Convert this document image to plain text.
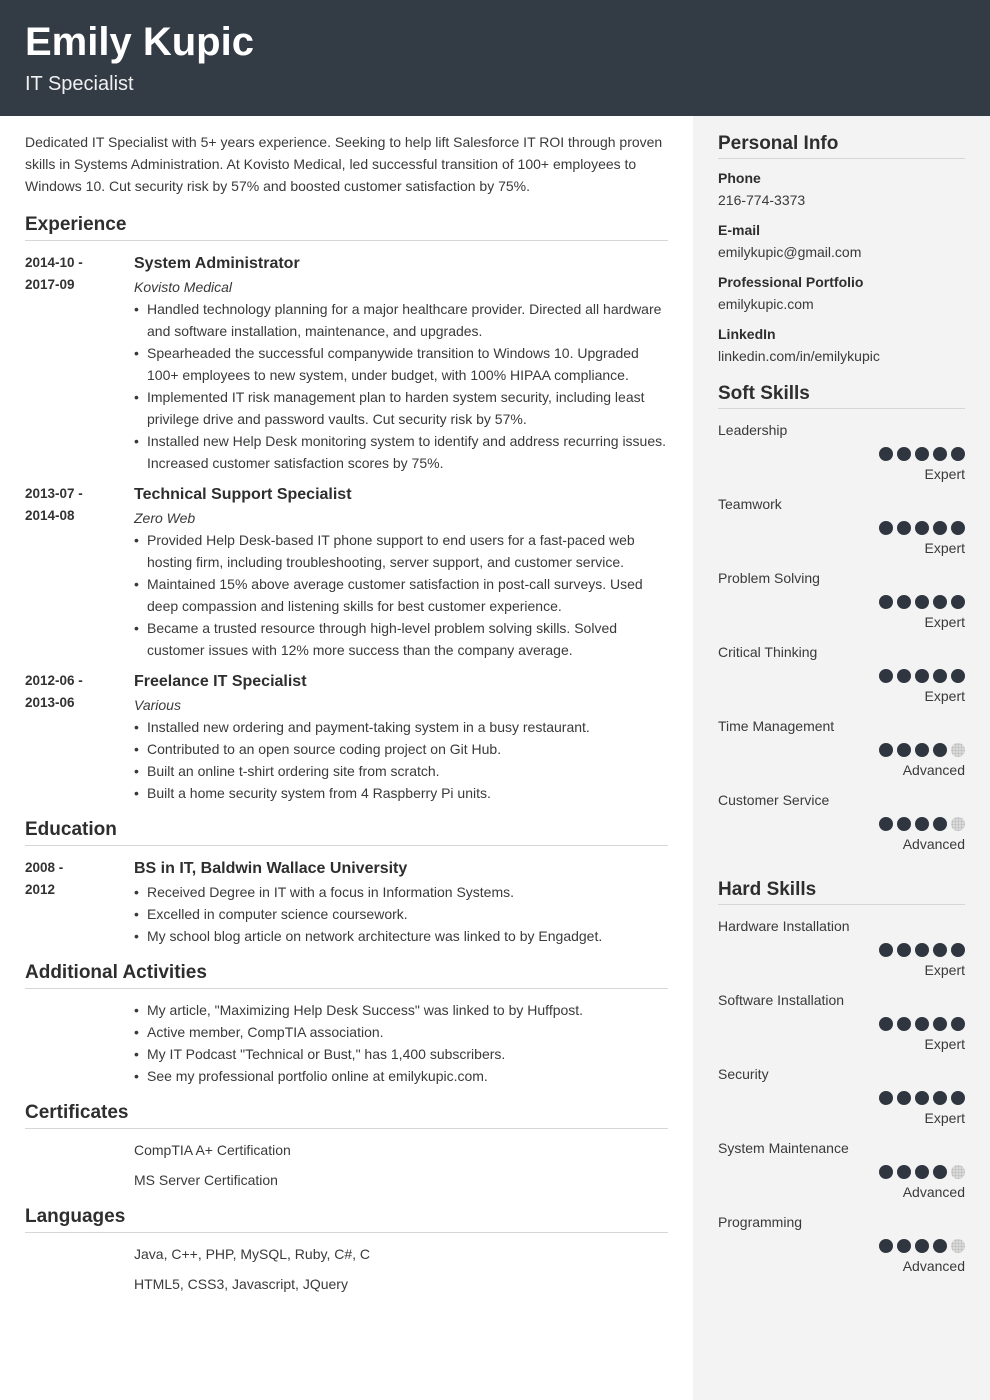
Emily Kupic
IT Specialist
Dedicated IT Specialist with 5+ years experience. Seeking to help lift Salesforce IT ROI through proven skills in Systems Administration. At Kovisto Medical, led successful transition of 100+ employees to Windows 10. Cut security risk by 57% and boosted customer satisfaction by 75%.
Experience
2014-10 -
2017-09
System Administrator
Kovisto Medical
• Handled technology planning for a major healthcare provider. Directed all hardware and software installation, maintenance, and upgrades.
• Spearheaded the successful companywide transition to Windows 10. Upgraded 100+ employees to new system, under budget, with 100% HIPAA compliance.
• Implemented IT risk management plan to harden system security, including least privilege drive and password vaults. Cut security risk by 57%.
• Installed new Help Desk monitoring system to identify and address recurring issues. Increased customer satisfaction scores by 75%.
2013-07 -
2014-08
Technical Support Specialist
Zero Web
• Provided Help Desk-based IT phone support to end users for a fast-paced web hosting firm, including troubleshooting, server support, and customer service.
• Maintained 15% above average customer satisfaction in post-call surveys. Used deep compassion and listening skills for best customer experience.
• Became a trusted resource through high-level problem solving skills. Solved customer issues with 12% more success than the company average.
2012-06 -
2013-06
Freelance IT Specialist
Various
• Installed new ordering and payment-taking system in a busy restaurant.
• Contributed to an open source coding project on Git Hub.
• Built an online t-shirt ordering site from scratch.
• Built a home security system from 4 Raspberry Pi units.
Education
2008 -
2012
BS in IT, Baldwin Wallace University
• Received Degree in IT with a focus in Information Systems.
• Excelled in computer science coursework.
• My school blog article on network architecture was linked to by Engadget.
Additional Activities
• My article, "Maximizing Help Desk Success" was linked to by Huffpost.
• Active member, CompTIA association.
• My IT Podcast "Technical or Bust," has 1,400 subscribers.
• See my professional portfolio online at emilykupic.com.
Certificates
CompTIA A+ Certification
MS Server Certification
Languages
Java, C++, PHP, MySQL, Ruby, C#, C
HTML5, CSS3, Javascript, JQuery
Personal Info
Phone
216-774-3373
E-mail
emilykupic@gmail.com
Professional Portfolio
emilykupic.com
LinkedIn
linkedin.com/in/emilykupic
Soft Skills
Leadership
Expert
Teamwork
Expert
Problem Solving
Expert
Critical Thinking
Expert
Time Management
Advanced
Customer Service
Advanced
Hard Skills
Hardware Installation
Expert
Software Installation
Expert
Security
Expert
System Maintenance
Advanced
Programming
Advanced
